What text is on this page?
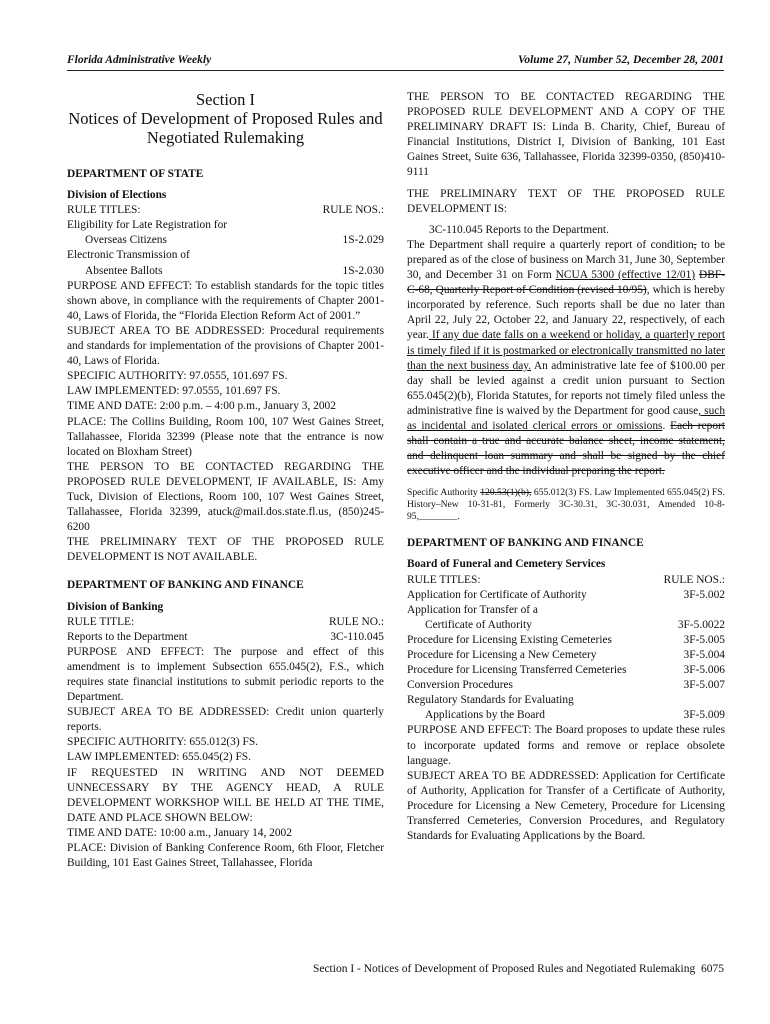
Florida Administrative Weekly	Volume 27, Number 52, December 28, 2001
Section I
Notices of Development of Proposed Rules and Negotiated Rulemaking

DEPARTMENT OF STATE

Division of Elections

RULE TITLES:	RULE NOS.:

Eligibility for Late Registration for

Overseas Citizens	1S-2.029

Electronic Transmission of

Absentee Ballots	1S-2.030

PURPOSE AND EFFECT: To establish standards for the topic titles shown above, in compliance with the requirements of Chapter 2001-40, Laws of Florida, the “Florida Election Reform Act of 2001.”

SUBJECT AREA TO BE ADDRESSED: Procedural requirements and standards for implementation of the provisions of Chapter 2001-40, Laws of Florida.

SPECIFIC AUTHORITY: 97.0555, 101.697 FS.

LAW IMPLEMENTED: 97.0555, 101.697 FS.

TIME AND DATE: 2:00 p.m. – 4:00 p.m., January 3, 2002

PLACE: The Collins Building, Room 100, 107 West Gaines Street, Tallahassee, Florida 32399 (Please note that the entrance is now located on Bloxham Street)

THE PERSON TO BE CONTACTED REGARDING THE PROPOSED RULE DEVELOPMENT, IF AVAILABLE, IS: Amy Tuck, Division of Elections, Room 100, 107 West Gaines Street, Tallahassee, Florida 32399, atuck@mail.dos.state.fl.us, (850)245-6200

THE PRELIMINARY TEXT OF THE PROPOSED RULE DEVELOPMENT IS NOT AVAILABLE.

DEPARTMENT OF BANKING AND FINANCE

Division of Banking

RULE TITLE:	RULE NO.:
Reports to the Department	3C-110.045

PURPOSE AND EFFECT: The purpose and effect of this amendment is to implement Subsection 655.045(2), F.S., which requires state financial institutions to submit periodic reports to the Department.

SUBJECT AREA TO BE ADDRESSED: Credit union quarterly reports.

SPECIFIC AUTHORITY: 655.012(3) FS.

LAW IMPLEMENTED: 655.045(2) FS.

IF REQUESTED IN WRITING AND NOT DEEMED UNNECESSARY BY THE AGENCY HEAD, A RULE DEVELOPMENT WORKSHOP WILL BE HELD AT THE TIME, DATE AND PLACE SHOWN BELOW:

TIME AND DATE: 10:00 a.m., January 14, 2002

PLACE: Division of Banking Conference Room, 6th Floor, Fletcher Building, 101 East Gaines Street, Tallahassee, Florida

THE PERSON TO BE CONTACTED REGARDING THE PROPOSED RULE DEVELOPMENT AND A COPY OF THE PRELIMINARY DRAFT IS: Linda B. Charity, Chief, Bureau of Financial Institutions, District I, Division of Banking, 101 East Gaines Street, Suite 636, Tallahassee, Florida 32399-0350, (850)410-9111

THE PRELIMINARY TEXT OF THE PROPOSED RULE DEVELOPMENT IS:

3C-110.045 Reports to the Department.

The Department shall require a quarterly report of condition, to be prepared as of the close of business on March 31, June 30, September 30, and December 31 on Form NCUA 5300 (effective 12/01) DBF-C-68, Quarterly Report of Condition (revised 10/95), which is hereby incorporated by reference. Such reports shall be due no later than April 22, July 22, October 22, and January 22, respectively, of each year. If any due date falls on a weekend or holiday, a quarterly report is timely filed if it is postmarked or electronically transmitted no later than the next business day. An administrative late fee of $100.00 per day shall be levied against a credit union pursuant to Section 655.045(2)(b), Florida Statutes, for reports not timely filed unless the administrative fine is waived by the Department for good cause, such as incidental and isolated clerical errors or omissions. Each report shall contain a true and accurate balance sheet, income statement, and delinquent loan summary and shall be signed by the chief executive officer and the individual preparing the report.

Specific Authority 120.53(1)(b), 655.012(3) FS. Law Implemented 655.045(2) FS. History–New 10-31-81, Formerly 3C-30.31, 3C-30.031, Amended 10-8-95,________.

DEPARTMENT OF BANKING AND FINANCE

Board of Funeral and Cemetery Services

RULE TITLES:	RULE NOS.:
Application for Certificate of Authority	3F-5.002

Application for Transfer of a

Certificate of Authority	3F-5.0022
Procedure for Licensing Existing Cemeteries	3F-5.005
Procedure for Licensing a New Cemetery	3F-5.004
Procedure for Licensing Transferred Cemeteries	3F-5.006
Conversion Procedures	3F-5.007

Regulatory Standards for Evaluating

Applications by the Board	3F-5.009

PURPOSE AND EFFECT: The Board proposes to update these rules to incorporate updated forms and remove or replace obsolete language.

SUBJECT AREA TO BE ADDRESSED: Application for Certificate of Authority, Application for Transfer of a Certificate of Authority, Procedure for Licensing a New Cemetery, Procedure for Licensing Transferred Cemeteries, Conversion Procedures, and Regulatory Standards for Evaluating Applications by the Board.

Section I - Notices of Development of Proposed Rules and Negotiated Rulemaking 6075
